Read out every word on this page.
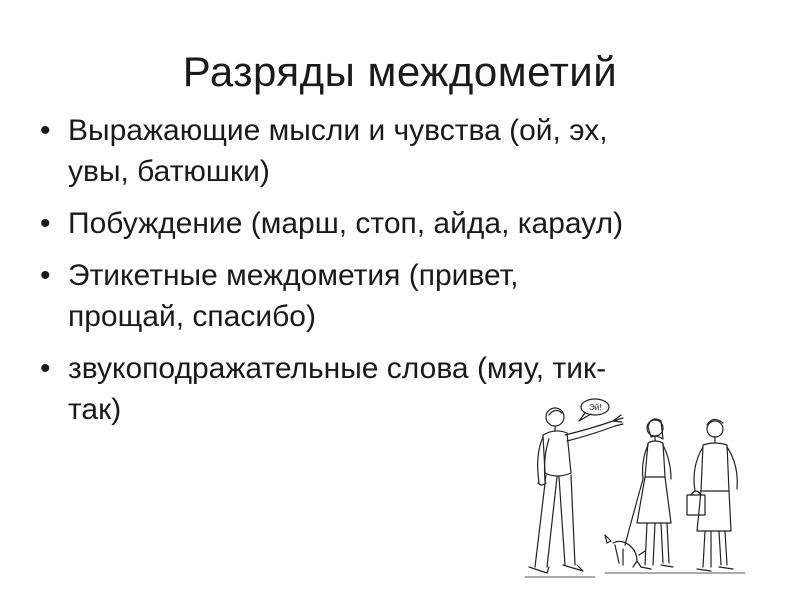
Разряды междометий
• Выражающие мысли и чувства (ой, эх,
увы, батюшки)
• Побуждение (марш, стоп, айда, караул)
• Этикетные междометия (привет,
прощай, спасибо)
• звукоподражательные слова (мяу, тик-
так)	Эй!
